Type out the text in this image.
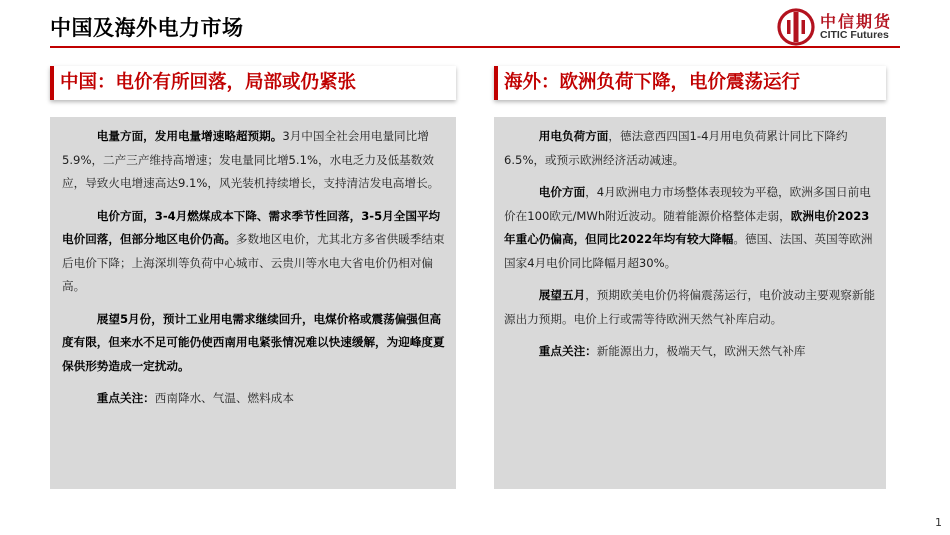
中国及海外电力市场	中信期货
CITIC Futures
中国：电价有所回落，局部或仍紧张	海外：欧洲负荷下降，电价震荡运行

电量方面，发用电量增速略超预期。3月中国全社会用电量同比增5.9%，二产三产维持高增速；发电量同比增5.1%，水电乏力及低基数效应，导致火电增速高达9.1%，风光装机持续增长，支持清洁发电高增长。

电价方面，3-4月燃煤成本下降、需求季节性回落，3-5月全国平均电价回落，但部分地区电价仍高。多数地区电价，尤其北方多省供暖季结束后电价下降；上海深圳等负荷中心城市、云贵川等水电大省电价仍相对偏高。

展望5月份，预计工业用电需求继续回升，电煤价格或震荡偏强但高度有限，但来水不足可能仍使西南用电紧张情况难以快速缓解，为迎峰度夏保供形势造成一定扰动。

重点关注：西南降水、气温、燃料成本

用电负荷方面，德法意西四国1-4月用电负荷累计同比下降约6.5%，或预示欧洲经济活动减速。

电价方面，4月欧洲电力市场整体表现较为平稳，欧洲多国日前电价在100欧元/MWh附近波动。随着能源价格整体走弱，欧洲电价2023年重心仍偏高，但同比2022年均有较大降幅。德国、法国、英国等欧洲国家4月电价同比降幅月超30%。

展望五月，预期欧美电价仍将偏震荡运行，电价波动主要观察新能源出力预期。电价上行或需等待欧洲天然气补库启动。

重点关注：新能源出力，极端天气，欧洲天然气补库

1
